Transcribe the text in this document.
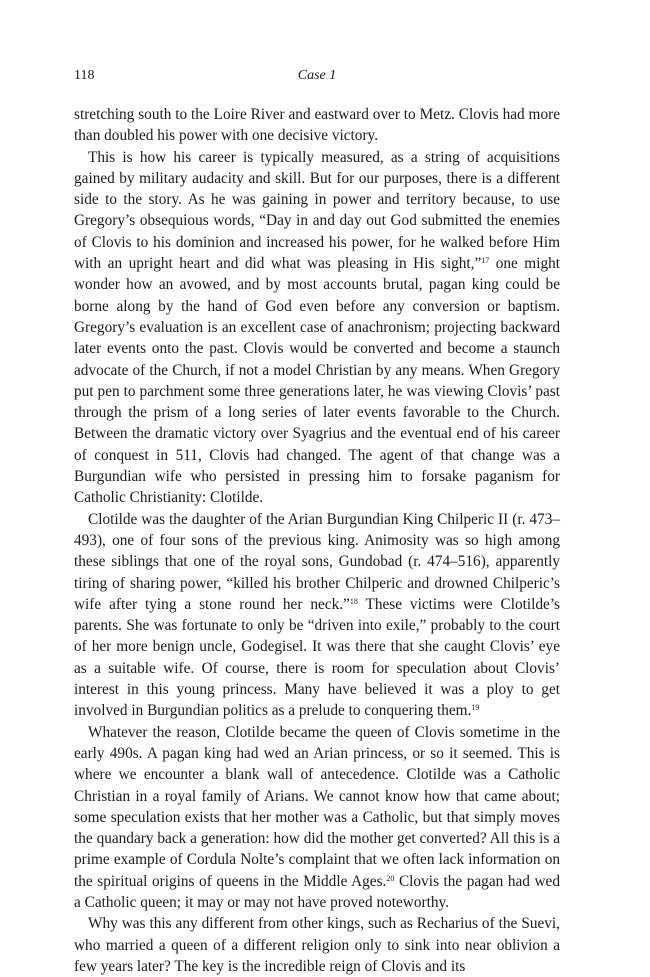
118	Case 1

stretching south to the Loire River and eastward over to Metz. Clovis had more than doubled his power with one decisive victory.

This is how his career is typically measured, as a string of acquisitions gained by military audacity and skill. But for our purposes, there is a different side to the story. As he was gaining in power and territory because, to use Gregory’s obsequious words, “Day in and day out God submitted the enemies of Clovis to his dominion and increased his power, for he walked before Him with an upright heart and did what was pleasing in His sight,”$^{17}$ one might wonder how an avowed, and by most accounts brutal, pagan king could be borne along by the hand of God even before any conversion or baptism. Gregory’s evaluation is an excellent case of anachronism; projecting backward later events onto the past. Clovis would be converted and become a staunch advocate of the Church, if not a model Christian by any means. When Gregory put pen to parchment some three generations later, he was viewing Clovis’ past through the prism of a long series of later events favorable to the Church. Between the dramatic victory over Syagrius and the eventual end of his career of conquest in 511, Clovis had changed. The agent of that change was a Burgundian wife who persisted in pressing him to forsake paganism for Catholic Christianity: Clotilde.

Clotilde was the daughter of the Arian Burgundian King Chilperic II (r. 473–493), one of four sons of the previous king. Animosity was so high among these siblings that one of the royal sons, Gundobad (r. 474–516), apparently tiring of sharing power, “killed his brother Chilperic and drowned Chilperic’s wife after tying a stone round her neck.”$^{18}$ These victims were Clotilde’s parents. She was fortunate to only be “driven into exile,” probably to the court of her more benign uncle, Godegisel. It was there that she caught Clovis’ eye as a suitable wife. Of course, there is room for speculation about Clovis’ interest in this young princess. Many have believed it was a ploy to get involved in Burgundian politics as a prelude to conquering them.$^{19}$

Whatever the reason, Clotilde became the queen of Clovis sometime in the early 490s. A pagan king had wed an Arian princess, or so it seemed. This is where we encounter a blank wall of antecedence. Clotilde was a Catholic Christian in a royal family of Arians. We cannot know how that came about; some speculation exists that her mother was a Catholic, but that simply moves the quandary back a generation: how did the mother get converted? All this is a prime example of Cordula Nolte’s complaint that we often lack information on the spiritual origins of queens in the Middle Ages.$^{20}$ Clovis the pagan had wed a Catholic queen; it may or may not have proved noteworthy.

Why was this any different from other kings, such as Recharius of the Suevi, who married a queen of a different religion only to sink into near oblivion a few years later? The key is the incredible reign of Clovis and its
